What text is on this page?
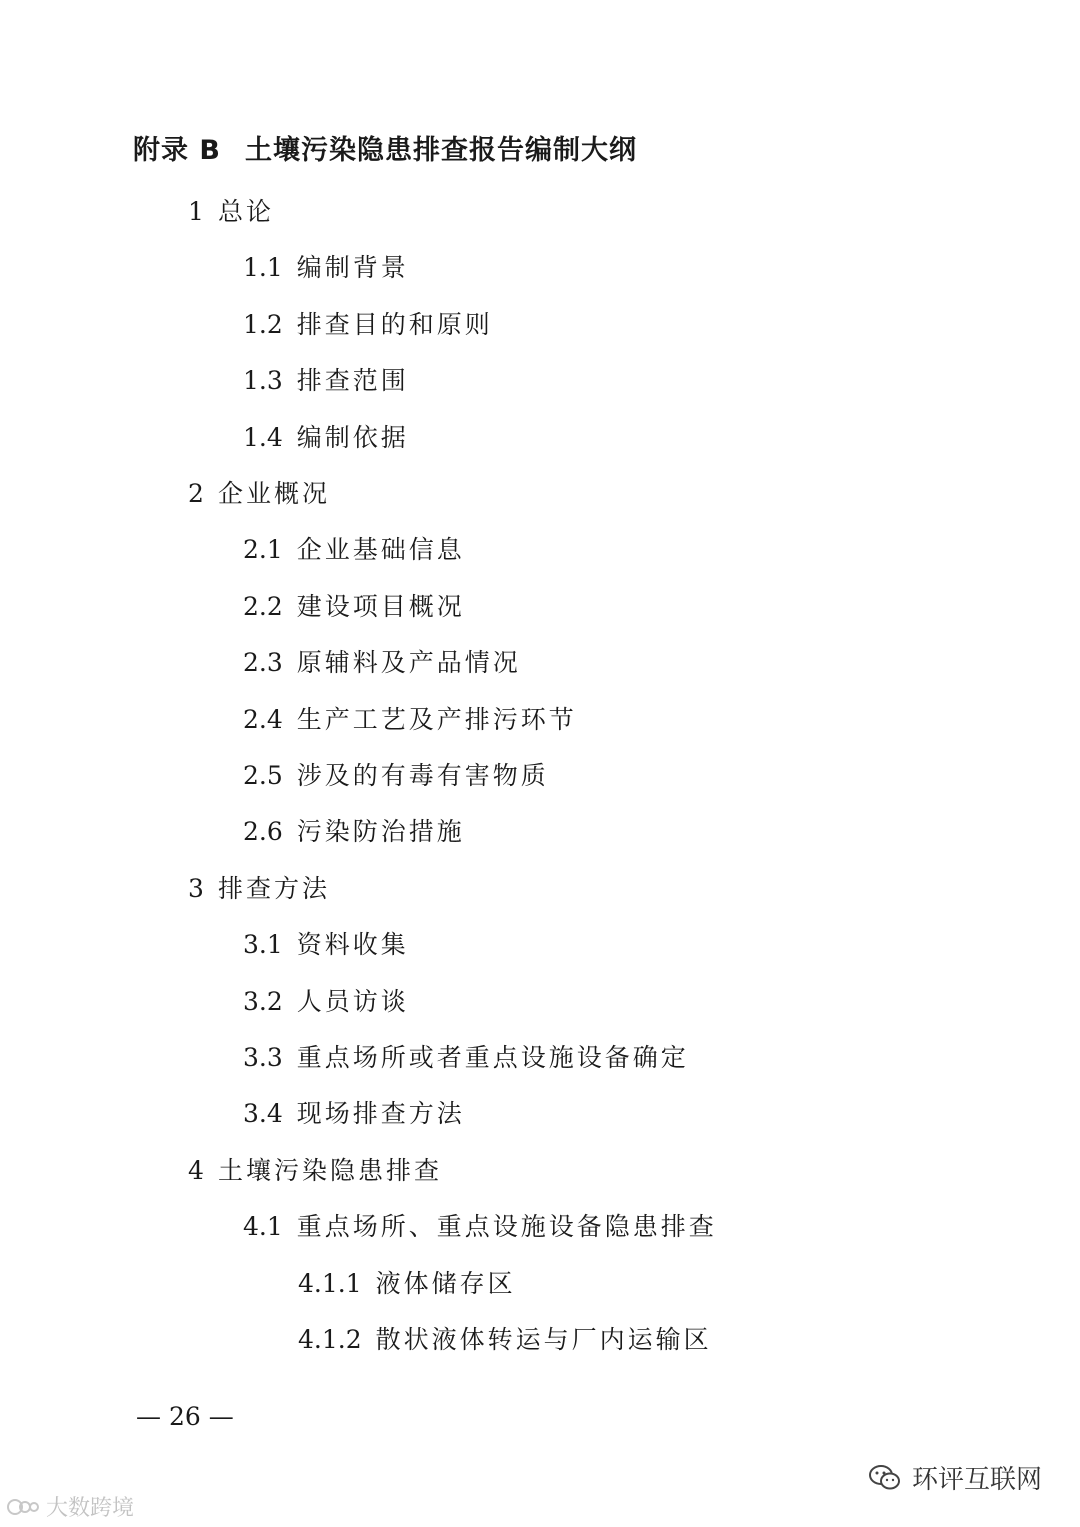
附录 B 土壤污染隐患排查报告编制大纲
1 总论
1.1 编制背景
1.2 排查目的和原则
1.3 排查范围
1.4 编制依据
2 企业概况
2.1 企业基础信息
2.2 建设项目概况
2.3 原辅料及产品情况
2.4 生产工艺及产排污环节
2.5 涉及的有毒有害物质
2.6 污染防治措施
3 排查方法
3.1 资料收集
3.2 人员访谈
3.3 重点场所或者重点设施设备确定
3.4 现场排查方法
4 土壤污染隐患排查
4.1 重点场所、重点设施设备隐患排查
4.1.1 液体储存区
4.1.2 散状液体转运与厂内运输区
— 26 —
大数跨境
环评互联网
